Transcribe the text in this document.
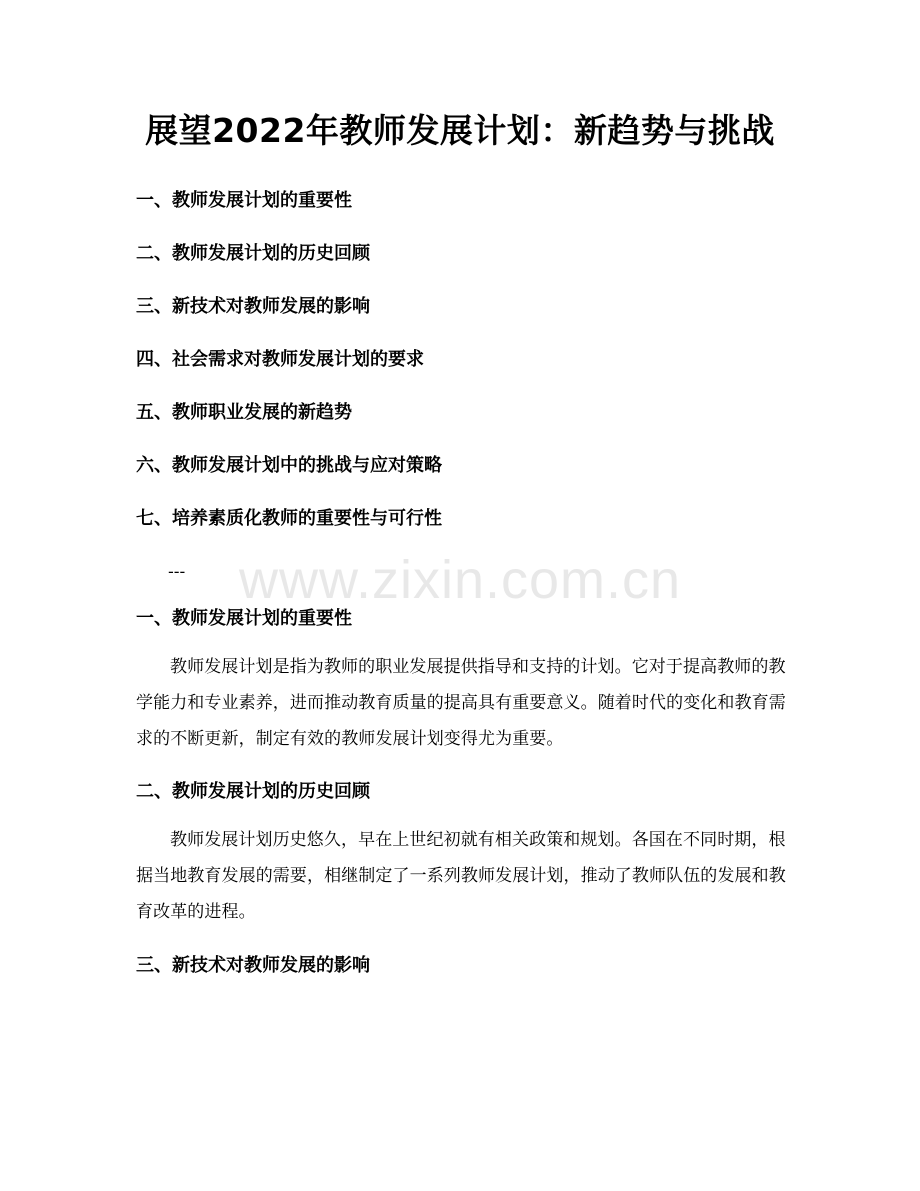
展望2022年教师发展计划：新趋势与挑战
一、教师发展计划的重要性
二、教师发展计划的历史回顾
三、新技术对教师发展的影响
四、社会需求对教师发展计划的要求
五、教师职业发展的新趋势
六、教师发展计划中的挑战与应对策略
七、培养素质化教师的重要性与可行性
---
一、教师发展计划的重要性
教师发展计划是指为教师的职业发展提供指导和支持的计划。它对于提高教师的教学能力和专业素养，进而推动教育质量的提高具有重要意义。随着时代的变化和教育需求的不断更新，制定有效的教师发展计划变得尤为重要。
二、教师发展计划的历史回顾
教师发展计划历史悠久，早在上世纪初就有相关政策和规划。各国在不同时期，根据当地教育发展的需要，相继制定了一系列教师发展计划，推动了教师队伍的发展和教育改革的进程。
三、新技术对教师发展的影响
www.zixin.com.cn
